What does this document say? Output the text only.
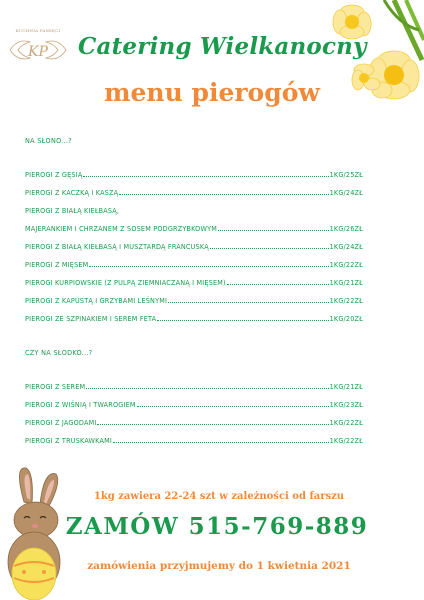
KP
KUCHNIA PAMIĘCI
Catering Wielkanocny
menu pierogów
NA SŁONO...?
PIEROGI Z GĘSIĄ	1KG/25ZŁ
PIEROGI Z KACZKĄ I KASZĄ	1KG/24ZŁ
PIEROGI Z BIAŁĄ KIEŁBASĄ,
MAJERANKIEM I CHRZANEM Z SOSEM PODGRZYBKOWYM	1KG/26ZŁ
PIEROGI Z BIAŁĄ KIEŁBASĄ I MUSZTARDĄ FRANCUSKĄ	1KG/24ZŁ
PIEROGI Z MIĘSEM	1KG/22ZŁ
PIEROGI KURPIOWSKIE (Z PULPĄ ZIEMNIACZANĄ I MIĘSEM)	1KG/21ZŁ
PIEROGI Z KAPUSTĄ I GRZYBAMI LEŚNYMI	1KG/22ZŁ
PIEROGI ZE SZPINAKIEM I SEREM FETA	1KG/20ZŁ
CZY NA SŁODKO...?
PIEROGI Z SEREM	1KG/21ZŁ
PIEROGI Z WIŚNIĄ I TWAROGIEM	1KG/23ZŁ
PIEROGI Z JAGODAMI	1KG/22ZŁ
PIEROGI Z TRUSKAWKAMI	1KG/22ZŁ
1kg zawiera 22-24 szt w zależności od farszu
ZAMÓW 515-769-889
zamówienia przyjmujemy do 1 kwietnia 2021
